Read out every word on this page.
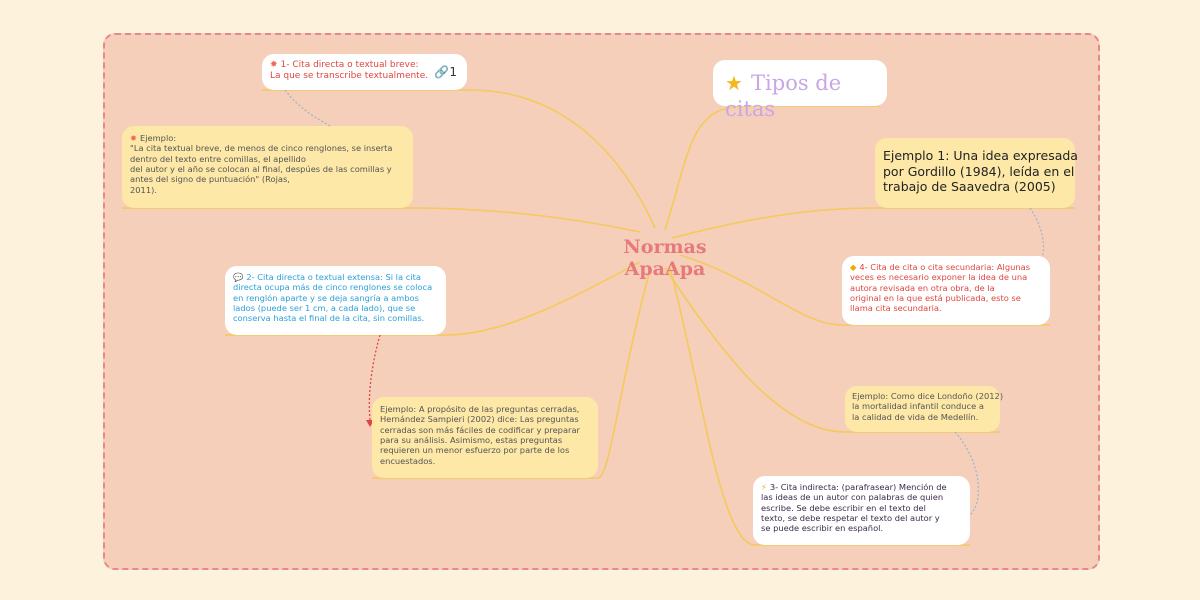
Normas ApaApa
★ Tipos de citas
✸ 1- Cita directa o textual breve:
La que se transcribe textualmente. 🔗1
✸ Ejemplo:
"La cita textual breve, de menos de cinco renglones, se inserta
dentro del texto entre comillas, el apellido
del autor y el año se colocan al final, despúes de las comillas y
antes del signo de puntuación" (Rojas,
2011).
💬 2- Cita directa o textual extensa: Si la cita
directa ocupa más de cinco renglones se coloca
en renglón aparte y se deja sangría a ambos
lados (puede ser 1 cm, a cada lado), que se
conserva hasta el final de la cita, sin comillas.
Ejemplo: A propósito de las preguntas cerradas,
Hernández Sampieri (2002) dice: Las preguntas
cerradas son más fáciles de codificar y preparar
para su análisis. Asimismo, estas preguntas
requieren un menor esfuerzo por parte de los
encuestados.
Ejemplo 1: Una idea expresada
por Gordillo (1984), leída en el
trabajo de Saavedra (2005)
◆ 4- Cita de cita o cita secundaria: Algunas
veces es necesario exponer la idea de una
autora revisada en otra obra, de la
original en la que está publicada, esto se
llama cita secundaria.
Ejemplo: Como dice Londoño (2012)
la mortalidad infantil conduce a
la calidad de vida de Medellín.
⚡ 3- Cita indirecta: (parafrasear) Mención de
las ideas de un autor con palabras de quien
escribe. Se debe escribir en el texto del
texto, se debe respetar el texto del autor y
se puede escribir en español.
